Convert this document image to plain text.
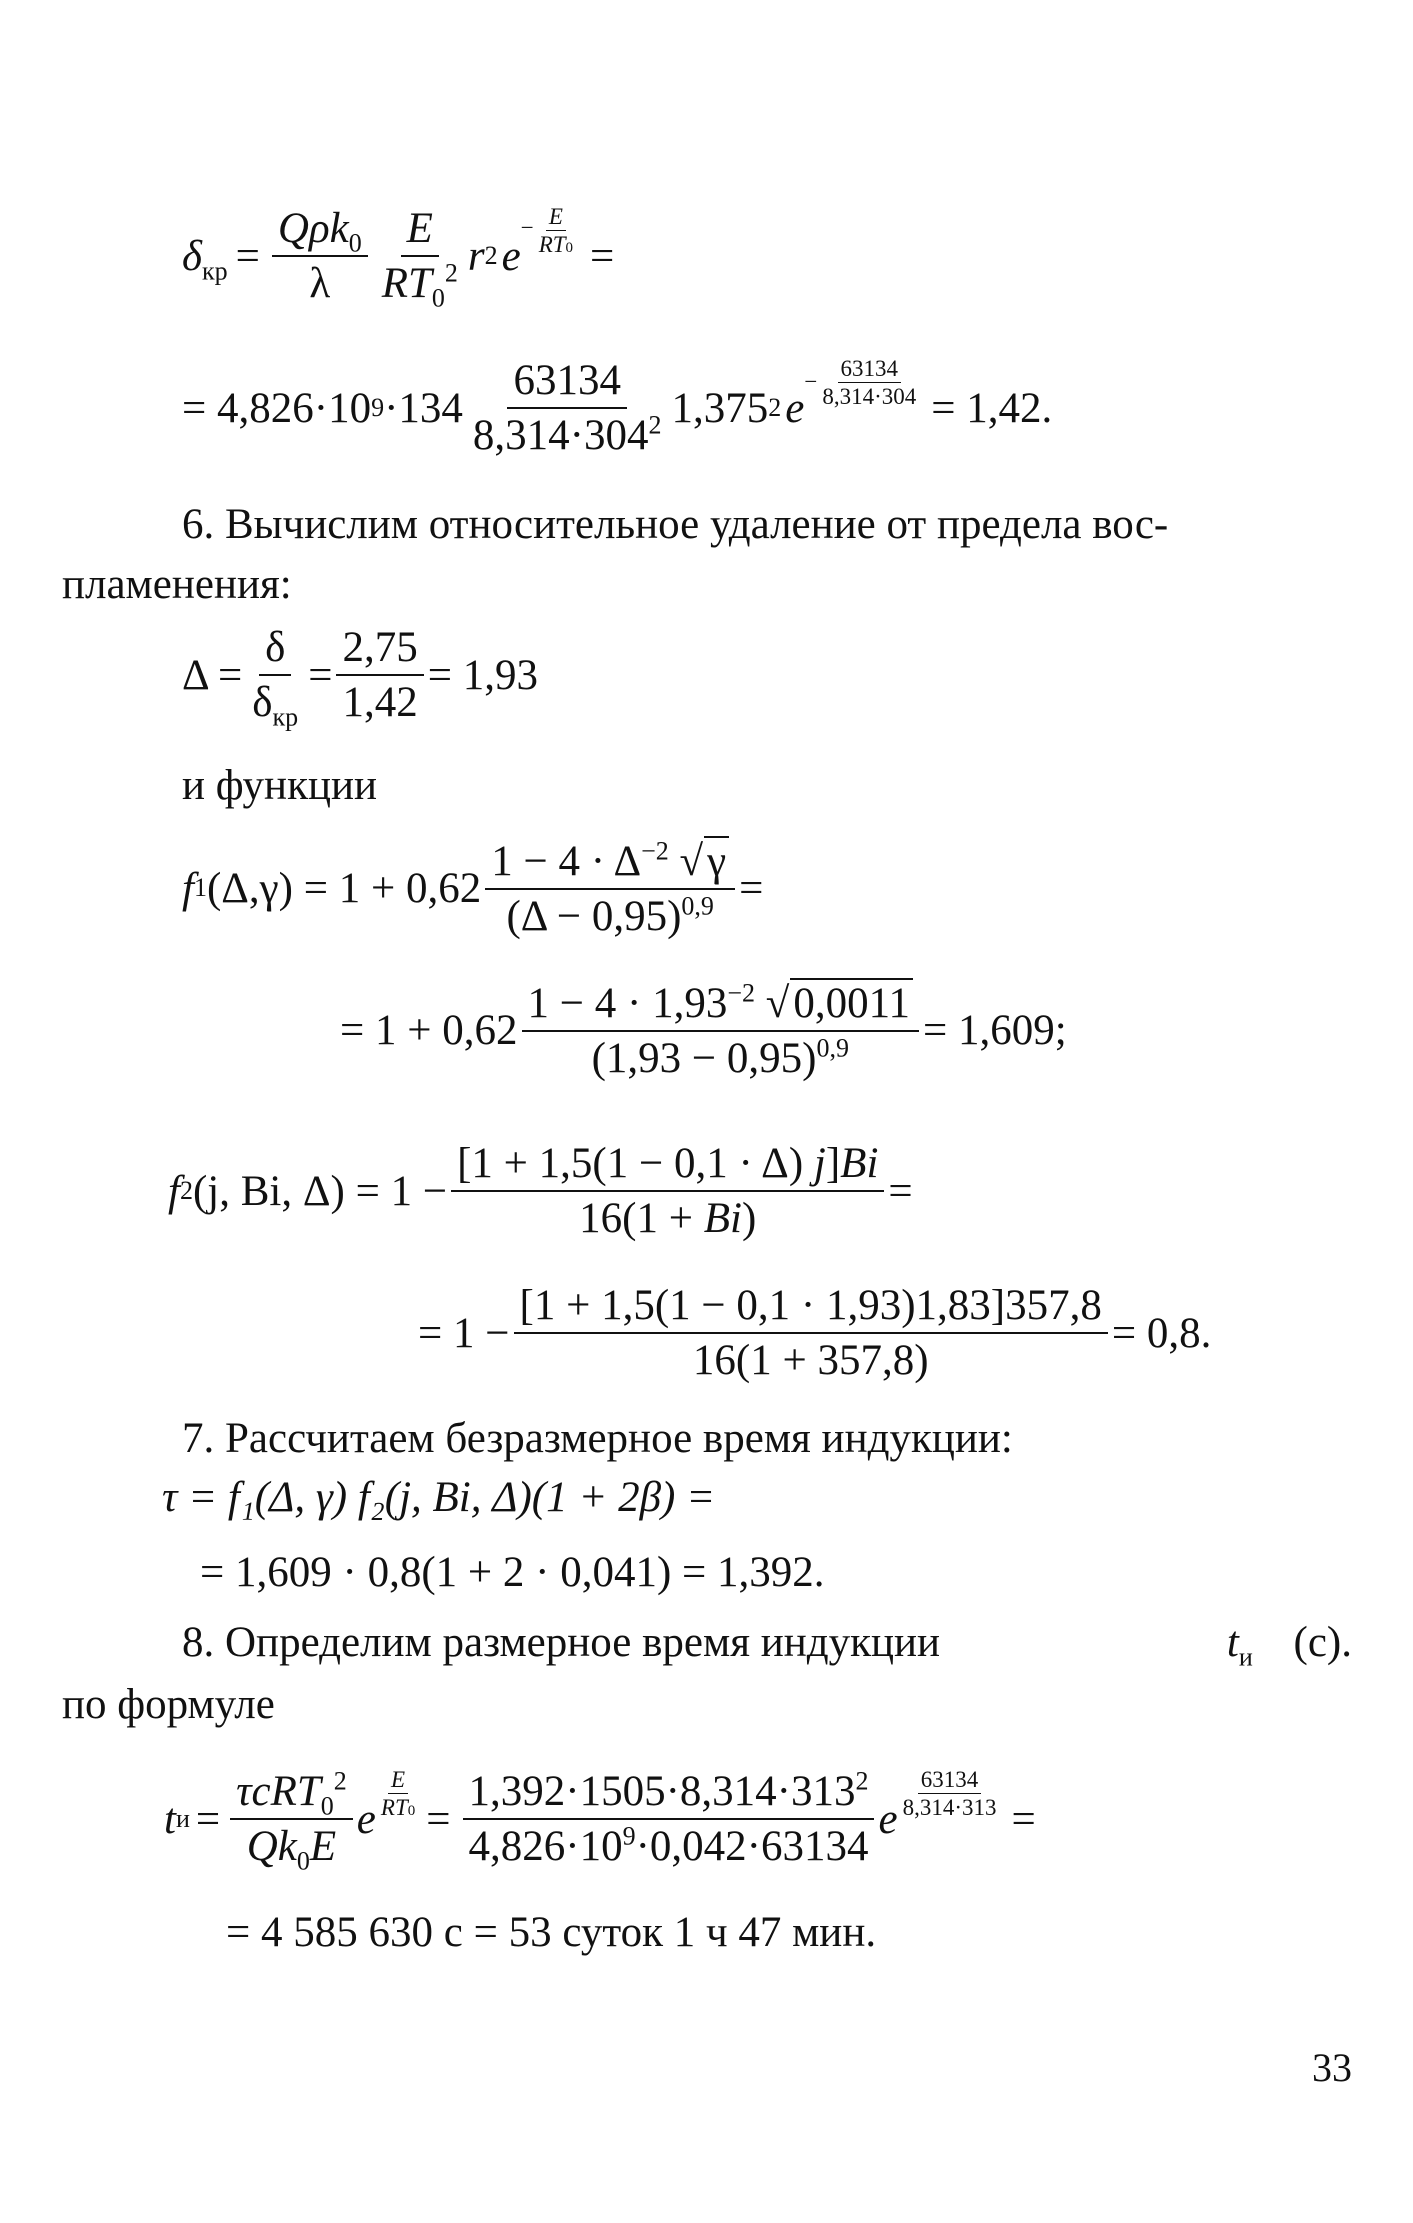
$\delta_{кр} = \frac{Q\rho k_0}{\lambda} \frac{E}{RT_0^2}$ r 2 e
− $\frac{E}{RT0}$ =
= 4,826·10 $9 \cdot 134 \frac{63134}{8,314\cdot 304^2} 1,375$ 2 e
− $\frac{63134}{8,314\cdot 304} = 1,42$.
6. Вычислим относительное удаление от предела вос-
пламенения:
$\Delta = \frac{\delta}{\delta_{кр}} = \frac{2,75}{1,42} = 1,93$
и функции
f 1 $(\Delta,\gamma) = 1 + 0,62 \frac{1 - 4 \cdot \Delta^{-2} √\gamma}{(\Delta - 0,95)^{0,9}}$ =
= $1 + 0,62 \frac{1 - 4 \cdot 1,93^{-2} √0,0011}{(1,93 - 0,95)^{0,9}} = 1,609$;
f 2 (j, Bi, $\Delta) = 1 - \frac{[1 + 1,5(1 - 0,1 \cdot \Delta) j]Bi}{16(1 + Bi)}$ =
= $1 - \frac{[1 + 1,5(1 - 0,1 \cdot 1,93)1,83]357,8}{16(1 + 357,8)} = 0,8$.
7. Рассчитаем безразмерное время индукции:
τ = f₁(Δ, γ) f₂(j, Bi, Δ)(1 + 2β) =
= 1,609 · 0,8(1 + 2 · 0,041) = 1,392.
8. Определим размерное время индукции	$t_и$ (с).
по формуле
t $и = \frac{\tau cRT_0^2}{Qk_0E}$ e $\frac{E}{RT0} = \frac{1,392\cdot 1505\cdot 8,314\cdot 313^2}{4,826\cdot 10^9\cdot 0,042\cdot 63134}$ e $\frac{63134}{8,314\cdot 313}$ =
= 4 585 630 с = 53 суток 1 ч 47 мин.
33
